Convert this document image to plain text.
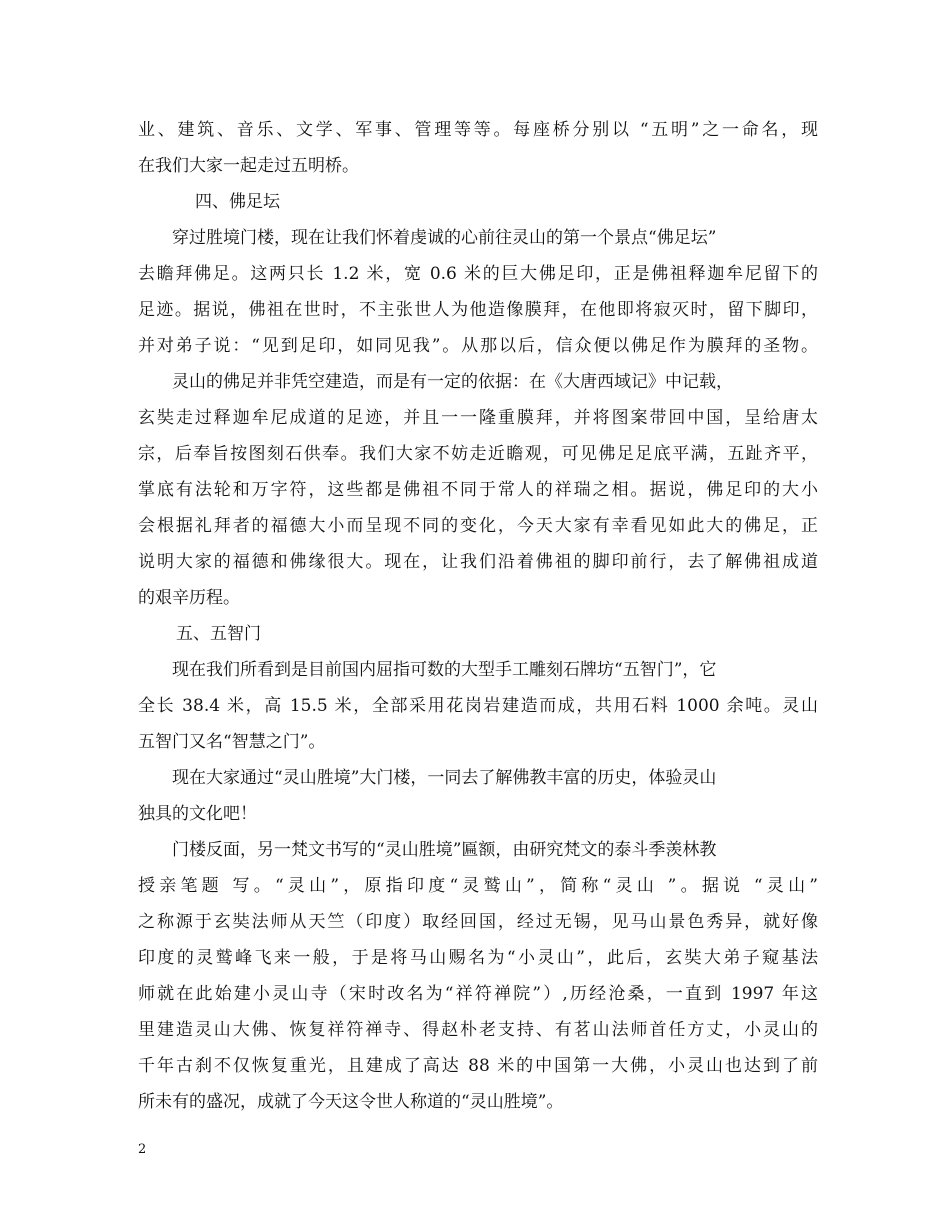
业、建筑、音乐、文学、军事、管理等等。每座桥分别以 “五明”之一命名，现
在我们大家一起走过五明桥。
四、佛足坛
穿过胜境门楼，现在让我们怀着虔诚的心前往灵山的第一个景点“佛足坛”
去瞻拜佛足。这两只长 1.2 米，宽 0.6 米的巨大佛足印，正是佛祖释迦牟尼留下的
足迹。据说，佛祖在世时，不主张世人为他造像膜拜，在他即将寂灭时，留下脚印，
并对弟子说：“见到足印，如同见我”。从那以后，信众便以佛足作为膜拜的圣物。
灵山的佛足并非凭空建造，而是有一定的依据：在《大唐西域记》中记载，
玄奘走过释迦牟尼成道的足迹，并且一一隆重膜拜，并将图案带回中国，呈给唐太
宗，后奉旨按图刻石供奉。我们大家不妨走近瞻观，可见佛足足底平满，五趾齐平，
掌底有法轮和万字符，这些都是佛祖不同于常人的祥瑞之相。据说，佛足印的大小
会根据礼拜者的福德大小而呈现不同的变化，今天大家有幸看见如此大的佛足，正
说明大家的福德和佛缘很大。现在，让我们沿着佛祖的脚印前行，去了解佛祖成道
的艰辛历程。
五、五智门
现在我们所看到是目前国内屈指可数的大型手工雕刻石牌坊“五智门”，它
全长 38.4 米，高 15.5 米，全部采用花岗岩建造而成，共用石料 1000 余吨。灵山
五智门又名“智慧之门”。
现在大家通过“灵山胜境”大门楼，一同去了解佛教丰富的历史，体验灵山
独具的文化吧！
门楼反面，另一梵文书写的“灵山胜境”匾额，由研究梵文的泰斗季羡林教
授亲笔题 写。“灵山”，原指印度“灵鹫山”，简称“灵山 ”。据说 “灵山”
之称源于玄奘法师从天竺（印度）取经回国，经过无锡，见马山景色秀异，就好像
印度的灵鹫峰飞来一般，于是将马山赐名为“小灵山”，此后，玄奘大弟子窥基法
师就在此始建小灵山寺（宋时改名为“祥符禅院”）,历经沧桑，一直到 1997 年这
里建造灵山大佛、恢复祥符禅寺、得赵朴老支持、有茗山法师首任方丈，小灵山的
千年古刹不仅恢复重光，且建成了高达 88 米的中国第一大佛，小灵山也达到了前
所未有的盛况，成就了今天这令世人称道的“灵山胜境”。
2
